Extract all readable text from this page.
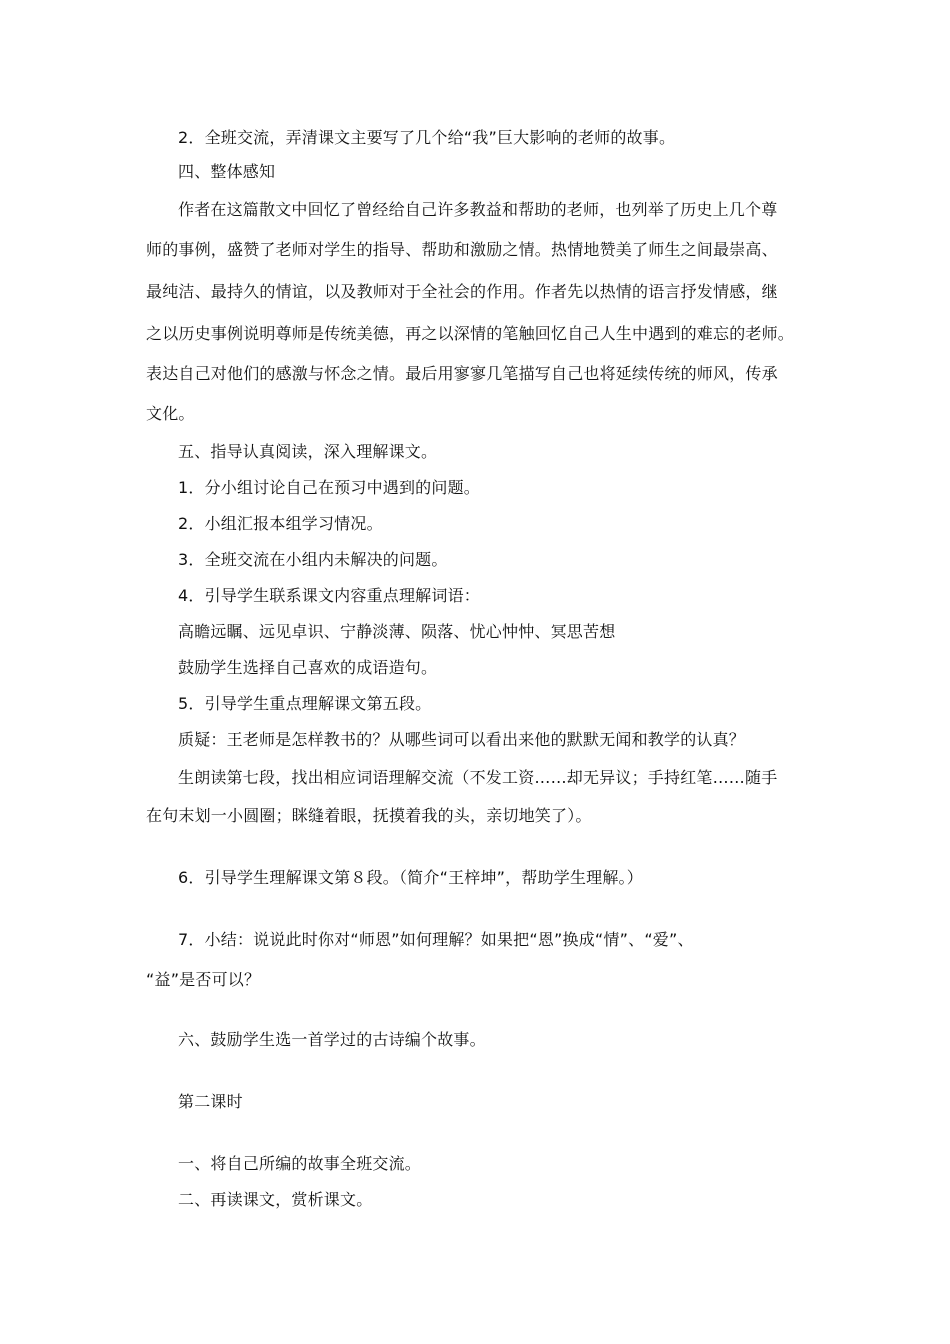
2．全班交流，弄清课文主要写了几个给“我”巨大影响的老师的故事。
四、整体感知
作者在这篇散文中回忆了曾经给自己许多教益和帮助的老师，也列举了历史上几个尊
师的事例，盛赞了老师对学生的指导、帮助和激励之情。热情地赞美了师生之间最崇高、
最纯洁、最持久的情谊，以及教师对于全社会的作用。作者先以热情的语言抒发情感，继
之以历史事例说明尊师是传统美德，再之以深情的笔触回忆自己人生中遇到的难忘的老师。
表达自己对他们的感激与怀念之情。最后用寥寥几笔描写自己也将延续传统的师风，传承
文化。
五、指导认真阅读，深入理解课文。
1．分小组讨论自己在预习中遇到的问题。
2．小组汇报本组学习情况。
3．全班交流在小组内未解决的问题。
4．引导学生联系课文内容重点理解词语：
高瞻远瞩、远见卓识、宁静淡薄、陨落、忧心忡忡、冥思苦想
鼓励学生选择自己喜欢的成语造句。
5．引导学生重点理解课文第五段。
质疑：王老师是怎样教书的？从哪些词可以看出来他的默默无闻和教学的认真？
生朗读第七段，找出相应词语理解交流（不发工资……却无异议；手持红笔……随手
在句末划一小圆圈；眯缝着眼，抚摸着我的头，亲切地笑了）。
6．引导学生理解课文第８段。（简介“王梓坤”，帮助学生理解。）
7．小结：说说此时你对“师恩”如何理解？如果把“恩”换成“情”、“爱”、
“益”是否可以？
六、鼓励学生选一首学过的古诗编个故事。
第二课时
一、将自己所编的故事全班交流。
二、再读课文，赏析课文。
